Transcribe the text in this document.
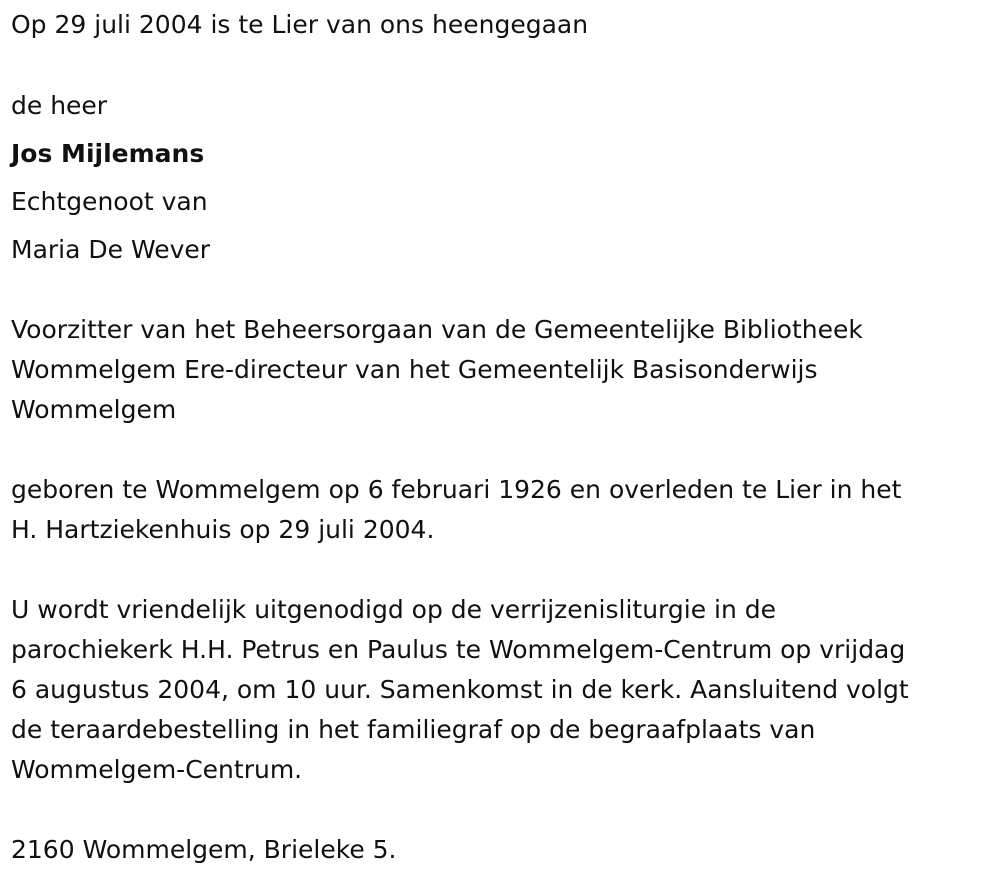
Op 29 juli 2004 is te Lier van ons heengegaan
de heer
Jos Mijlemans
Echtgenoot van
Maria De Wever
Voorzitter van het Beheersorgaan van de Gemeentelijke Bibliotheek
Wommelgem Ere-directeur van het Gemeentelijk Basisonderwijs
Wommelgem
geboren te Wommelgem op 6 februari 1926 en overleden te Lier in het
H. Hartziekenhuis op 29 juli 2004.
U wordt vriendelijk uitgenodigd op de verrijzenisliturgie in de
parochiekerk H.H. Petrus en Paulus te Wommelgem-Centrum op vrijdag
6 augustus 2004, om 10 uur. Samenkomst in de kerk. Aansluitend volgt
de teraardebestelling in het familiegraf op de begraafplaats van
Wommelgem-Centrum.
2160 Wommelgem, Brieleke 5.
